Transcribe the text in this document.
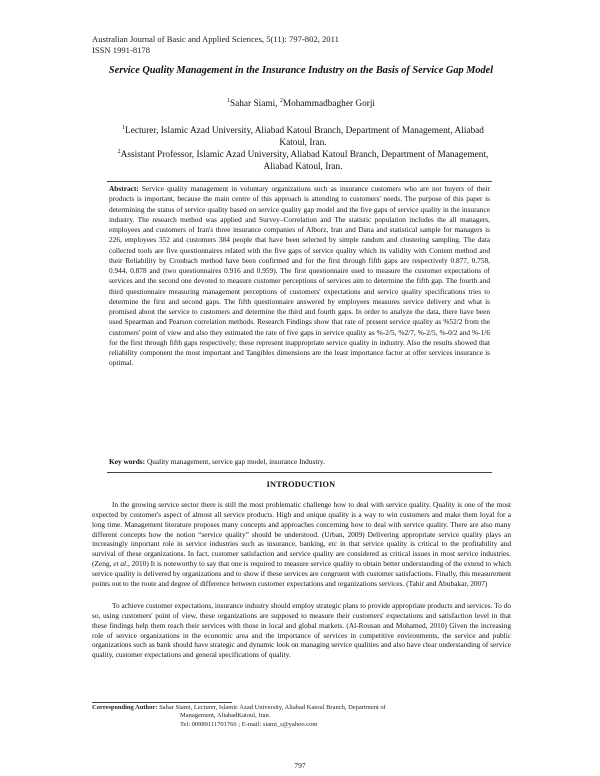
Australian Journal of Basic and Applied Sciences, 5(11): 797-802, 2011
ISSN 1991-8178
Service Quality Management in the Insurance Industry on the Basis of Service Gap Model
$^1$Sahar Siami, $^2$Mohammadbagher Gorji
$^1$Lecturer, Islamic Azad University, Aliabad Katoul Branch, Department of Management, Aliabad Katoul, Iran.
$^2$Assistant Professor, Islamic Azad University, Aliabad Katoul Branch, Department of Management, Aliabad Katoul, Iran.
Abstract: Service quality management in voluntary organizations such as insurance customers who are not buyers of their products is important, because the main centre of this approach is attending to customers' needs. The purpose of this paper is determining the status of service quality based on service quality gap model and the five gaps of service quality in the insurance industry. The research method was applied and Survey–Correlation and The statistic population includes the all managers, employees and customers of Iran's three insurance companies of Alborz, Iran and Dana and statistical sample for managers is 226, employees 352 and customers 384 people that have been selected by simple random and clustering sampling. The data collected tools are five questionnaires related with the five gaps of service quality which its validity with Content method and their Reliability by Cronbach method have been confirmed and for the first through fifth gaps are respectively 0.877, 0.758, 0.944, 0.878 and (two questionnaires 0.916 and 0.959). The first questionnaire used to measure the customer expectations of services and the second one devoted to measure customer perceptions of services aim to determine the fifth gap. The fourth and third questionnaire measuring management perceptions of customers' expectations and service quality specifications tries to determine the first and second gaps. The fifth questionnaire answered by employees measures service delivery and what is promised about the service to customers and determine the third and fourth gaps. In order to analyze the data, there have been used Spearman and Pearson correlation methods. Research Findings show that rate of present service quality as %52/2 from the customers' point of view and also they estimated the rate of five gaps in service quality as %-2/5, %2/7, %-2/5, %-0/2 and %-1/6 for the first through fifth gaps respectively; these represent inappropriate service quality in industry. Also the results showed that reliability component the most important and Tangibles dimensions are the least importance factor at offer services insurance is optimal.
Key words: Quality management, service gap model, insurance Industry.
INTRODUCTION
In the growing service sector there is still the most problematic challenge how to deal with service quality. Quality is one of the most expected by customer's aspect of almost all service products. High and unique quality is a way to win customers and make them loyal for a long time. Management literature proposes many concepts and approaches concerning how to deal with service quality. There are also many different concepts how the notion “service quality” should be understood. (Urban, 2009) Delivering appropriate service quality plays an increasingly important role in service industries such as insurance, banking, etc in that service quality is critical to the profitability and survival of these organizations. In fact, customer satisfaction and service quality are considered as critical issues in most service industries. (Zeng, et al., 2010) It is noteworthy to say that one is required to measure service quality to obtain better understanding of the extend to which service quality is delivered by organizations and to show if these services are congruent with customer satisfactions. Finally, this measurement points out to the route and degree of difference between customer expectations and organizations services. (Tahir and Abubakar, 2007)
To achieve customer expectations, insurance industry should employ strategic plans to provide appropriate products and services. To do so, using customers' point of view, these organizations are supposed to measure their customers' expectations and satisfaction level in that these findings help them reach their services with those in local and global markets. (Al-Rousan and Mohamed, 2010) Given the increasing role of service organizations in the economic area and the importance of services in competitive environments, the service and public organizations such as bank should have strategic and dynamic look on managing service qualities and also have clear understanding of service quality, customer expectations and general specifications of quality.
Corresponding Author: Sahar Siami, Lecturer, Islamic Azad University, Aliabad Katoul Branch, Department of
Management, AliabadKatoul, Iran.
Tel: 00989111701766 ; E-mail: siami_s@yahoo.com
797
